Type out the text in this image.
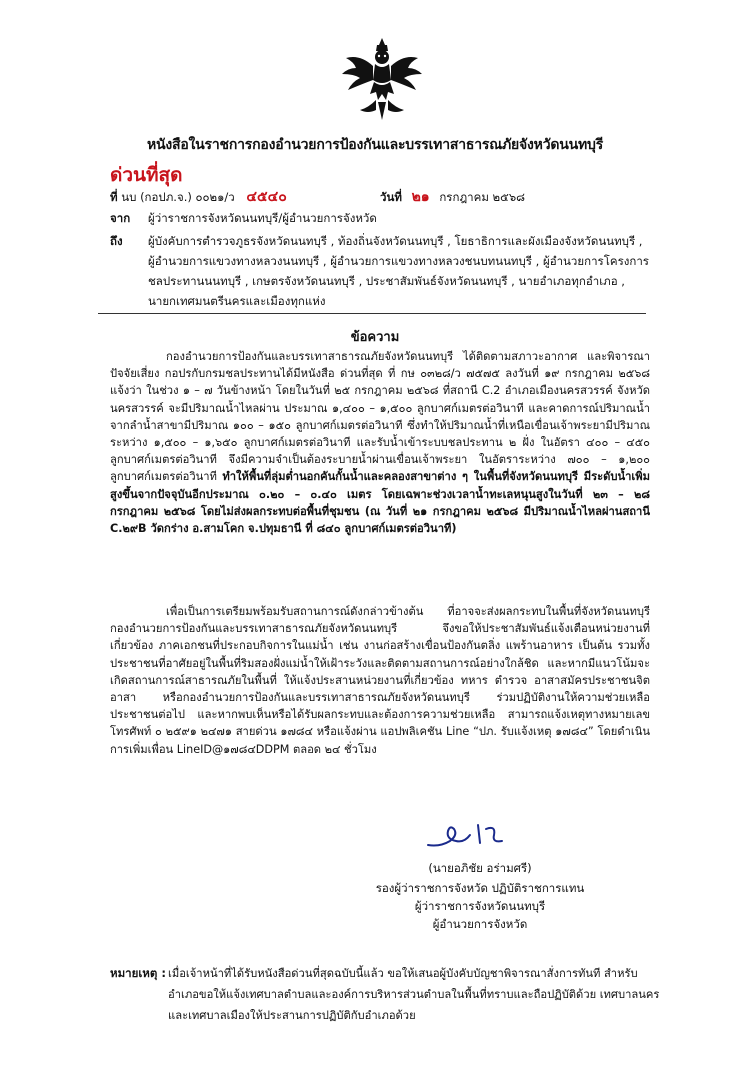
หนังสือในราชการกองอำนวยการป้องกันและบรรเทาสาธารณภัยจังหวัดนนทบุรี
ด่วนที่สุด
ที่ นบ (กอปภ.จ.) ๐๐๒๑/ว ๔๕๔๐	วันที่ ๒๑ กรกฎาคม ๒๕๖๘
จาก ผู้ว่าราชการจังหวัดนนทบุรี/ผู้อำนวยการจังหวัด
ถึง ผู้บังคับการตำรวจภูธรจังหวัดนนทบุรี , ท้องถิ่นจังหวัดนนทบุรี , โยธาธิการและผังเมืองจังหวัดนนทบุรี ,
ผู้อำนวยการแขวงทางหลวงนนทบุรี , ผู้อำนวยการแขวงทางหลวงชนบทนนทบุรี , ผู้อำนวยการโครงการ
ชลประทานนนทบุรี , เกษตรจังหวัดนนทบุรี , ประชาสัมพันธ์จังหวัดนนทบุรี , นายอำเภอทุกอำเภอ ,
นายกเทศมนตรีนครและเมืองทุกแห่ง
ข้อความ
กองอำนวยการป้องกันและบรรเทาสาธารณภัยจังหวัดนนทบุรี ได้ติดตามสภาวะอากาศ และพิจารณาปัจจัยเสี่ยง กอปรกับกรมชลประทานได้มีหนังสือ ด่วนที่สุด ที่ กษ ๐๓๒๘/ว ๗๕๗๕ ลงวันที่ ๑๙ กรกฎาคม ๒๕๖๘ แจ้งว่า ในช่วง ๑ – ๗ วันข้างหน้า โดยในวันที่ ๒๕ กรกฎาคม ๒๕๖๘ ที่สถานี C.2 อำเภอเมืองนครสวรรค์ จังหวัดนครสวรรค์ จะมีปริมาณน้ำไหลผ่าน ประมาณ ๑,๔๐๐ – ๑,๕๐๐ ลูกบาศก์เมตรต่อวินาที และคาดการณ์ปริมาณน้ำจากลำน้ำสาขามีปริมาณ ๑๐๐ – ๑๕๐ ลูกบาศก์เมตรต่อวินาที ซึ่งทำให้ปริมาณน้ำที่เหนือเขื่อนเจ้าพระยามีปริมาณระหว่าง ๑,๕๐๐ – ๑,๖๕๐ ลูกบาศก์เมตรต่อวินาที และรับน้ำเข้าระบบชลประทาน ๒ ฝั่ง ในอัตรา ๔๐๐ – ๔๕๐ ลูกบาศก์เมตรต่อวินาที จึงมีความจำเป็นต้องระบายน้ำผ่านเขื่อนเจ้าพระยา ในอัตราระหว่าง ๗๐๐ – ๑,๒๐๐ ลูกบาศก์เมตรต่อวินาที ทำให้พื้นที่ลุ่มต่ำนอกคันกั้นน้ำและคลองสาขาต่าง ๆ ในพื้นที่จังหวัดนนทบุรี มีระดับน้ำเพิ่มสูงขึ้นจากปัจจุบันอีกประมาณ ๐.๒๐ – ๐.๔๐ เมตร โดยเฉพาะช่วงเวลาน้ำทะเลหนุนสูงในวันที่ ๒๓ – ๒๘ กรกฎาคม ๒๕๖๘ โดยไม่ส่งผลกระทบต่อพื้นที่ชุมชน (ณ วันที่ ๒๑ กรกฎาคม ๒๕๖๘ มีปริมาณน้ำไหลผ่านสถานี C.๒๙B วัดกร่าง อ.สามโคก จ.ปทุมธานี ที่ ๘๔๐ ลูกบาศก์เมตรต่อวินาที)
เพื่อเป็นการเตรียมพร้อมรับสถานการณ์ดังกล่าวข้างต้น ที่อาจจะส่งผลกระทบในพื้นที่จังหวัดนนทบุรี กองอำนวยการป้องกันและบรรเทาสาธารณภัยจังหวัดนนทบุรี จึงขอให้ประชาสัมพันธ์แจ้งเตือนหน่วยงานที่เกี่ยวข้อง ภาคเอกชนที่ประกอบกิจการในแม่น้ำ เช่น งานก่อสร้างเขื่อนป้องกันตลิ่ง แพร้านอาหาร เป็นต้น รวมทั้งประชาชนที่อาศัยอยู่ในพื้นที่ริมสองฝั่งแม่น้ำให้เฝ้าระวังและติดตามสถานการณ์อย่างใกล้ชิด และหากมีแนวโน้มจะเกิดสถานการณ์สาธารณภัยในพื้นที่ ให้แจ้งประสานหน่วยงานที่เกี่ยวข้อง ทหาร ตำรวจ อาสาสมัครประชาชนจิตอาสา หรือกองอำนวยการป้องกันและบรรเทาสาธารณภัยจังหวัดนนทบุรี ร่วมปฏิบัติงานให้ความช่วยเหลือประชาชนต่อไป และหากพบเห็นหรือได้รับผลกระทบและต้องการความช่วยเหลือ สามารถแจ้งเหตุทางหมายเลขโทรศัพท์ ๐ ๒๕๙๑ ๒๔๗๑ สายด่วน ๑๗๘๔ หรือแจ้งผ่าน แอปพลิเคชัน Line “ปภ. รับแจ้งเหตุ ๑๗๘๔” โดยดำเนินการเพิ่มเพื่อน LineID@๑๗๘๔DDPM ตลอด ๒๔ ชั่วโมง
(นายอภิชัย อร่ามศรี)
รองผู้ว่าราชการจังหวัด ปฏิบัติราชการแทน
ผู้ว่าราชการจังหวัดนนทบุรี
ผู้อำนวยการจังหวัด
หมายเหตุ : เมื่อเจ้าหน้าที่ได้รับหนังสือด่วนที่สุดฉบับนี้แล้ว ขอให้เสนอผู้บังคับบัญชาพิจารณาสั่งการทันที สำหรับ
อำเภอขอให้แจ้งเทศบาลตำบลและองค์การบริหารส่วนตำบลในพื้นที่ทราบและถือปฏิบัติด้วย เทศบาลนคร
และเทศบาลเมืองให้ประสานการปฏิบัติกับอำเภอด้วย
